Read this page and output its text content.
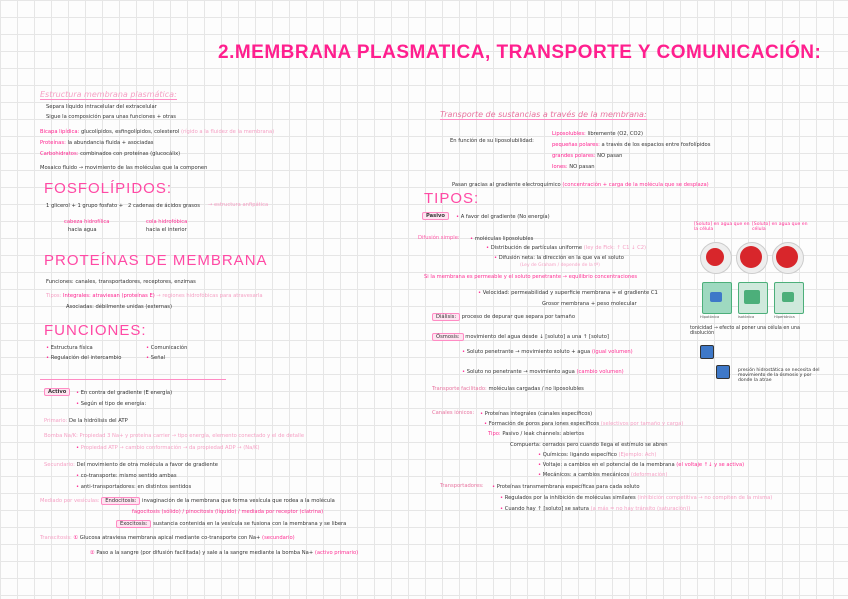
2.MEMBRANA PLASMATICA, TRANSPORTE Y COMUNICACIÓN:
Estructura membrana plasmática:
Separa líquido intracelular del extracelular
Sigue la composición para unas funciones + otras
Bicapa lipídica: glucolípidos, esfingolípidos, colesterol (rígido a la fluidez de la membrana)
Proteínas: la abundancia fluida + asociadas
Carbohidratos: combinados con proteínas (glucocálix)
Mosaico fluido → movimiento de las moléculas que la componen
FOSFOLÍPIDOS:
1 glicerol + 1 grupo fosfato + 2 cadenas de ácidos grasos → estructura anfipática
cabeza hidrofílica
hacia agua
cola hidrofóbica
hacia el interior
PROTEÍNAS DE MEMBRANA
Funciones: canales, transportadores, receptores, enzimas
Tipos: Integrales: atraviesan (proteínas E) → regiones hidrofóbicas para atravesarla
Asociadas: débilmente unidas (externas)
FUNCIONES:
• Estructura física
• Regulación del intercambio
• Comunicación
• Señal
Activo	• En contra del gradiente (E energía)
• Según el tipo de energía:
Primario: De la hidrólisis del ATP
Bomba Na/K: Propiedad 3 Na+ y proteína carrier → tipo energía, elemento conectado y el de detalle
• Propiedad ATP → cambio conformación → da propiedad ADP → (Na/K)
Secundario: Del movimiento de otra molécula a favor de gradiente
• co-transporte: mismo sentido ambas
• anti-transportadores: en distintos sentidos
Mediado por vesículas: Endocitosis: invaginación de la membrana que forma vesícula que rodea a la molécula
fagocitosis (sólido) / pinocitosis (líquido) / mediada por receptor (clatrina)
Exocitosis: sustancia contenida en la vesícula se fusiona con la membrana y se libera
Transcitosis: ① Glucosa atraviesa membrana apical mediante co-transporte con Na+ (secundario)
② Paso a la sangre (por difusión facilitada) y sale a la sangre mediante la bomba Na+ (activo primario)
Transporte de sustancias a través de la membrana:
En función de su liposolubilidad:
Liposolubles: libremente (O2, CO2)
pequeñas polares: a través de los espacios entre fosfolípidos
grandes polares: NO pasan
Iones: NO pasan
Pasan gracias al gradiente electroquímico (concentración + carga de la molécula que se desplaza)
TIPOS:
Pasivo	• A favor del gradiente (No energía)
Difusión simple:	• moléculas liposolubles
• Distribución de partículas uniforme (ley de Fick: ↑ C1 ↓ C2)
• Difusión neta: la dirección en la que va el soluto
(Ley de Graham / depende de la tª)
Si la membrana es permeable y el soluto penetrante → equilibrio concentraciones
• Velocidad: permeabilidad y superficie membrana + el gradiente C1
Grosor membrana + peso molecular
Diálisis: proceso de depurar que separa por tamaño
Ósmosis: movimiento del agua desde ↓ [soluto] a una ↑ [soluto]
• Soluto penetrante → movimiento soluto + agua (igual volumen)
• Soluto no penetrante → movimiento agua (cambio volumen)	presión hidrostática se necesita del movimiento de la ósmosis y por donde la atrae
[Soluto] en agua que en la célula
[Soluto] en agua que en célula
Hipotónica	Isotónica	Hipertónica
tonicidad → efecto al poner una célula en una disolución
Transporte facilitado: moléculas cargadas / no liposolubles
Canales iónicos:	• Proteínas integrales (canales específicos)
• Formación de poros para iones específicos (selectivos por tamaño y carga)
Tipo: Pasivo / leak channels: abiertos
Compuerta: cerrados pero cuando llega el estímulo se abren
• Químicos: ligando específico (Ejemplo: Ach)
• Voltaje: a cambios en el potencial de la membrana (el voltaje ↑↓ y se activa)
• Mecánicos: a cambios mecánicos (deformación)
Transportadores:	• Proteínas transmembrana específicas para cada soluto
• Regulados por la inhibición de moléculas similares (inhibición competitiva → no compiten de la misma)
• Cuando hay ↑ [soluto] se satura (a más = no hay tránsito (saturación))
